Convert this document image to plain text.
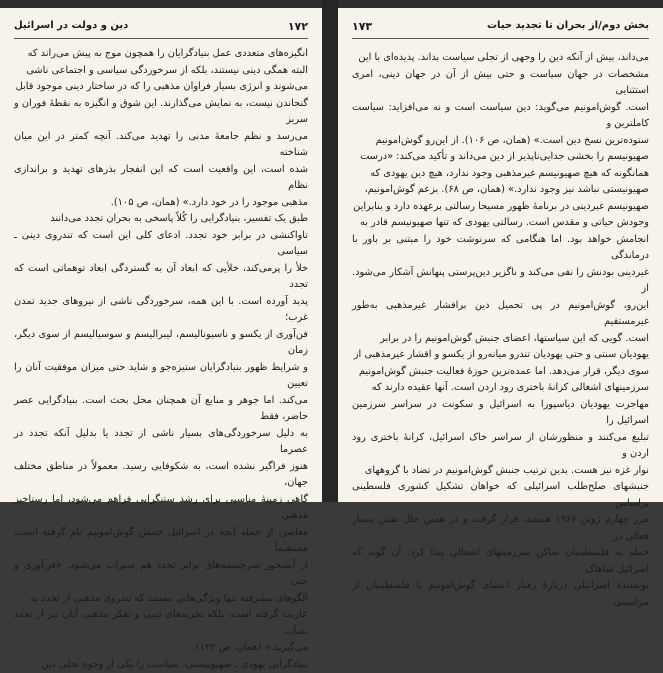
۱۷۲
دین و دولت در اسرائیل
انگیزه‌های متعددی عمل بنیادگرایان را همچون موج به پیش می‌راند که
البته همگی دینی نیستند، بلکه از سرخوردگی سیاسی و اجتماعی ناشی
می‌شوند و انرژی بسیار فراوان مذهبی را که در ساختار دینی موجود قابل
گنجاندن نیست، به نمایش می‌گذارند. این شوق و انگیزه به نقطهٔ فوران و سریز
می‌رسد و نظم جامعهٔ مدنی را تهدید می‌کند. آنچه کمتر در این میان شناخته
شده است، این واقعیت است که این انفجار بذرهای تهدید و براندازی نظام
مذهبی موجود را در خود دارد.» (همان، ص ۱۰۵).
طبق یک تفسیر، بنیادگرایی را کُلاً پاسخی به بحران تجدد می‌دانند
تاواکنشی در برابر خود تجدد. ادعای کلی این است که تندروی دینی ـ سیاسی
خلأ را پرمی‌کند، خلأیی که ابعاد آن به گستردگی ابعاد توهماتی است که تجدد
پدید آورده است. با این همه، سرخوردگی ناشی از نیروهای جدید تمدن غرب؛
فن‌آوری از یکسو و ناسیونالیسم، لیبرالیسم و سوسیالیسم از سوی دیگر، زمان
و شرایط ظهور بنیادگرایان ستیزه‌جو و شاید حتی میزان موفقیت آنان را تعیین
می‌کند. اما جوهر و منابع آن همچنان محل بحث است. بنیادگرایی عصر حاضر، فقط
به دلیل سرخوردگی‌های بسیار ناشی از تجدد یا بدلیل آنکه تجدد در عصرما
هنوز فراگیر نشده است، به شکوفایی رسید. معمولاً در مناطق مختلف جهان،
گاهی زمینهٔ مناسبی برای رشد ستنگرایی فراهم می‌شود، اما رستاخیز مذهبی
معاصر، از جمله آنچه در اسرائیل جنبش گوش‌امونیم نام گرفته است، مستقیماً
از آبشخور سرچشمه‌های برابر تجدد هم سیراب می‌شود. «فن‌آوری و حتی
الگوهای پیشرفته تنها ویژگی‌هایی نیستند که تندروی مذهبی از تجدد به
عاریت گرفته است، بلکه تجربه‌های دینی و تفکر مذهبی آنان نیز از تجدد نشأت
می‌گیرند.» (همان، ص ۱۴۲).
بنیادگرایی یهودی ـ صهیونیستی، سیاست را یکی از وجوه تجلی دین
۱۷۳	بخش دوم/از بحران تا تجدید حیات
می‌داند، بیش از آنکه دین را وجهی از تجلی سیاست بداند. پدیده‌ای با این
مشخصات در جهان سیاست و حتی بیش از آن در جهان دینی، امری استثنایی
است. گوش‌امونیم می‌گوید: دین سیاست است و نه می‌افزاید: سیاست کاملترین و
ستوده‌ترین نسخ دین است.» (همان، ص ۱۰۶). از این‌رو گوش‌امونیم
صهیونیسم را بخشی جدایی‌ناپذیر از دین می‌داند و تأکید می‌کند: «درست
همانگونه که هیچ صهیونیسم غیرمذهبی وجود ندارد، هیچ دین یهودی که
صهیونیستی نباشد نیز وجود ندارد.» (همان، ص ۶۸). بزعم گوش‌امونیم،
صهیونیسم غیردینی در برنامهٔ ظهور مسیحا رسالتی برعهده دارد و بنابراین
وجودش حیاتی و مقدس است. رسالتی یهودی که تنها صهیونیسم قادر به
انجامش خواهد بود. اما هنگامی که سرنوشت خود را مبتنی بر باور با درماندگی
غیردینی بودنش را نفی می‌کند و ناگزیر دین‌پرستی پنهانش آشکار می‌شود. از
این‌رو، گوش‌امونیم در پی تحمیل دین برافشار غیرمذهبی به‌طور غیرمستقیم
است. گویی که این سیاستها، اعضای جنبش گوش‌امونیم را در برابر
یهودیان سنتی و حتی یهودیان تندرو میانه‌رو از یکسو و اقشار غیرمذهبی از
سوی دیگر، قرار می‌دهد. اما عمده‌ترین حوزهٔ فعالیت جنبش گوش‌امونیم
سرزمینهای اشغالی کرانهٔ باختری رود اردن است. آنها عقیده دارند که
مهاجرت یهودیان دیاسپورا به اسرائیل و سکونت در سراسر سرزمین اسرائیل را
تبلیغ می‌کنند و منظورشان از سراسر خاک اسرائیل، کرانهٔ باختری رود اردن و
نوار غزه نیز هست. بدین ترتیب جنبش گوش‌امونیم در تضاد با گروههای
جنبشهای صلح‌طلب اسرائیلی که خواهان تشکیل کشوری فلسطینی براساس
مرز چهارم ژوئن ۱۹۶۷ هستند، قرار گرفت و در همین حال نقش بسیار فعالی در
حمله به فلسطینیان ساکن سرزمینهای اشغالی پیدا کرد. آن گونه که اسرائیل شاهاک
نویسندهٔ اسرائیلی دربارهٔ رفتار اعضای گوش‌امونیم با فلسطینیان از مراسمی
